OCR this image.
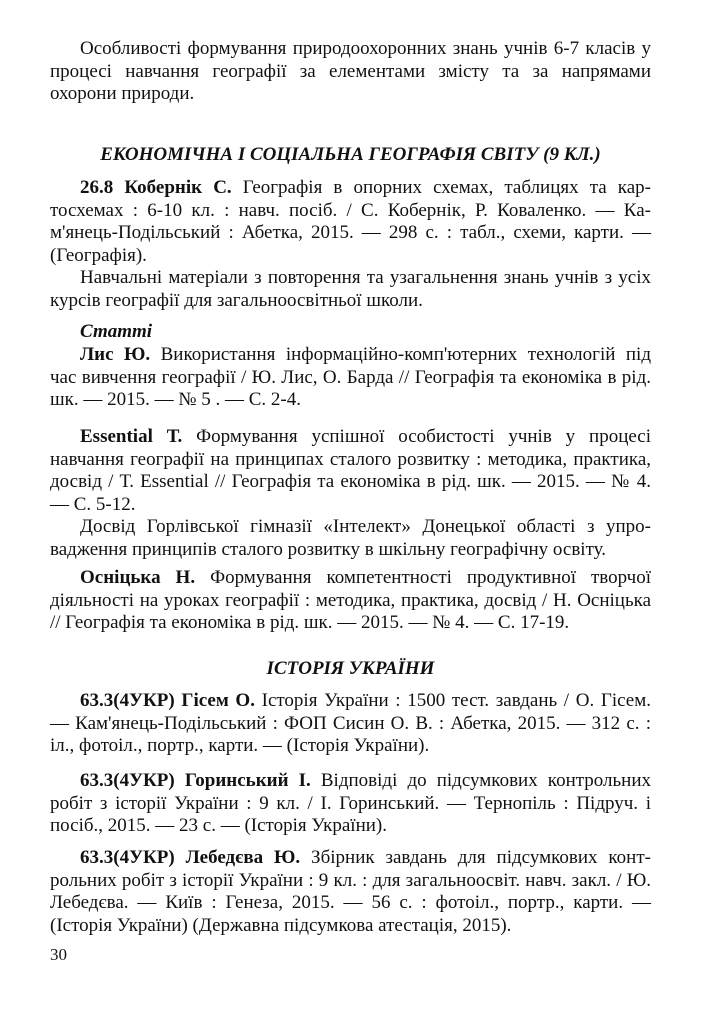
Особливості формування природоохоронних знань учнів 6-7 класів у процесі навчання географії за елементами змісту та за напрямами охорони природи.

ЕКОНОМІЧНА І СОЦІАЛЬНА ГЕОГРАФІЯ СВІТУ (9 КЛ.)

26.8 Кобернік С. Географія в опорних схемах, таблицях та картосхемах : 6-10 кл. : навч. посіб. / С. Кобернік, Р. Коваленко. — Кам'янець-Подільський : Абетка, 2015. — 298 с. : табл., схеми, карти. — (Географія).

Навчальні матеріали з повторення та узагальнення знань учнів з усіх курсів географії для загальноосвітньої школи.

Статті

Лис Ю. Використання інформаційно-комп'ютерних технологій під час вивчення географії / Ю. Лис, О. Барда // Географія та економіка в рід. шк. — 2015. — № 5 . — С. 2-4.

Essential Т. Формування успішної особистості учнів у процесі навчання географії на принципах сталого розвитку : методика, практика, досвід / Т. Essential // Географія та економіка в рід. шк. — 2015. — № 4. — С. 5-12.

Досвід Горлівської гімназії «Інтелект» Донецької області з упровадження принципів сталого розвитку в шкільну географічну освіту.

Осніцька Н. Формування компетентності продуктивної творчої діяльності на уроках географії : методика, практика, досвід / Н. Осніцька // Географія та економіка в рід. шк. — 2015. — № 4. — С. 17-19.

ІСТОРІЯ УКРАЇНИ

63.3(4УКР) Гісем О. Історія України : 1500 тест. завдань / О. Гісем. — Кам'янець-Подільський : ФОП Сисин О. В. : Абетка, 2015. — 312 с. : іл., фотоіл., портр., карти. — (Історія України).

63.3(4УКР) Горинський І. Відповіді до підсумкових контрольних робіт з історії України : 9 кл. / І. Горинський. — Тернопіль : Підруч. і посіб., 2015. — 23 с. — (Історія України).

63.3(4УКР) Лебедєва Ю. Збірник завдань для підсумкових контрольних робіт з історії України : 9 кл. : для загальноосвіт. навч. закл. / Ю. Лебедєва. — Київ : Генеза, 2015. — 56 с. : фотоіл., портр., карти. — (Історія України) (Державна підсумкова атестація, 2015).

30
